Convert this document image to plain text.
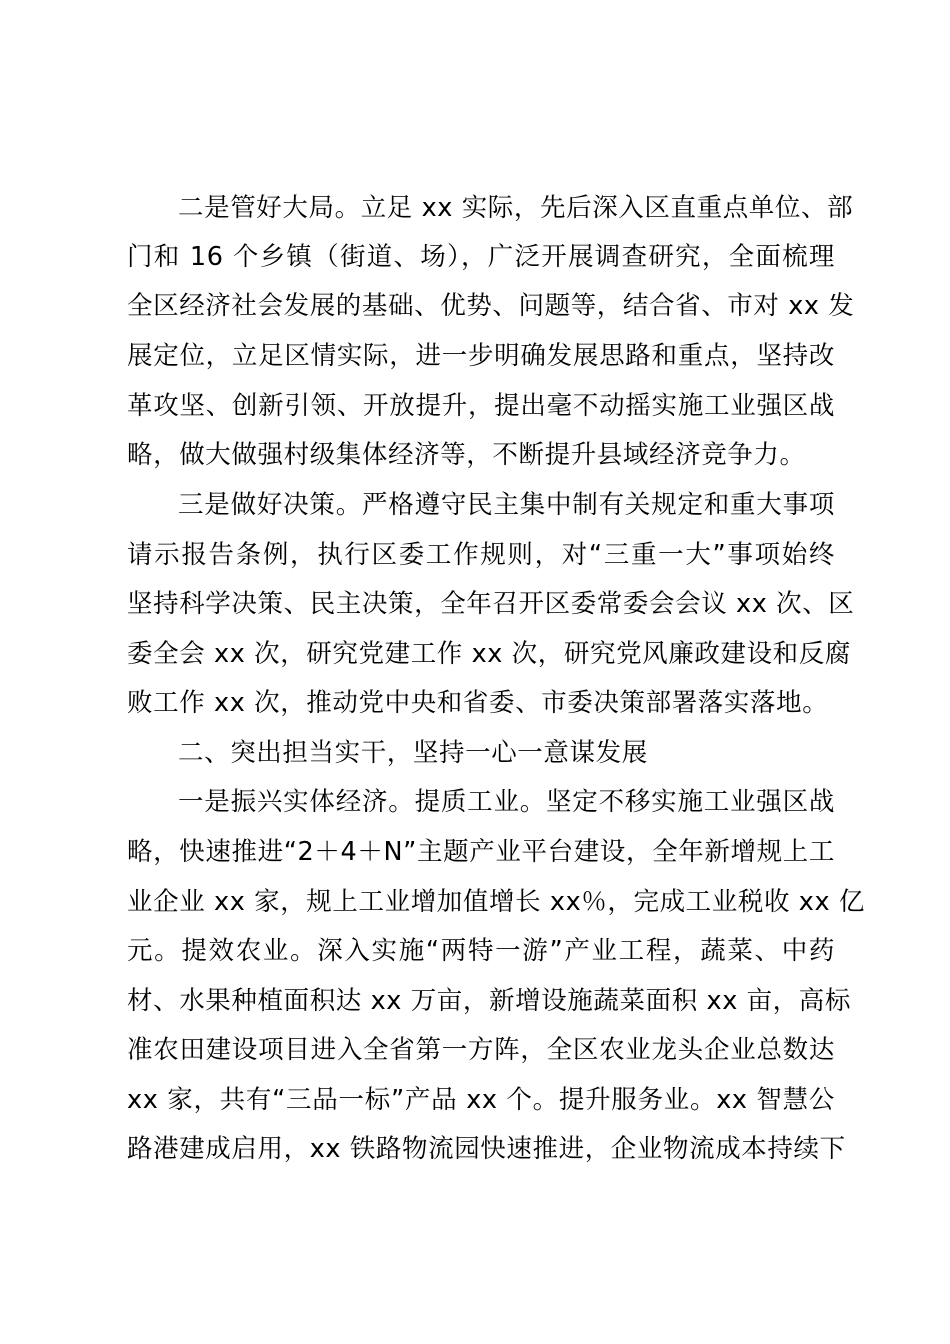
二是管好大局。立足 xx 实际，先后深入区直重点单位、部
门和 16 个乡镇（街道、场），广泛开展调查研究，全面梳理
全区经济社会发展的基础、优势、问题等，结合省、市对 xx 发
展定位，立足区情实际，进一步明确发展思路和重点，坚持改
革攻坚、创新引领、开放提升，提出毫不动摇实施工业强区战
略，做大做强村级集体经济等，不断提升县域经济竞争力。
三是做好决策。严格遵守民主集中制有关规定和重大事项
请示报告条例，执行区委工作规则，对“三重一大”事项始终
坚持科学决策、民主决策，全年召开区委常委会会议 xx 次、区
委全会 xx 次，研究党建工作 xx 次，研究党风廉政建设和反腐
败工作 xx 次，推动党中央和省委、市委决策部署落实落地。
二、突出担当实干，坚持一心一意谋发展
一是振兴实体经济。提质工业。坚定不移实施工业强区战
略，快速推进“2＋4＋N”主题产业平台建设，全年新增规上工
业企业 xx 家，规上工业增加值增长 xx％，完成工业税收 xx 亿
元。提效农业。深入实施“两特一游”产业工程，蔬菜、中药
材、水果种植面积达 xx 万亩，新增设施蔬菜面积 xx 亩，高标
准农田建设项目进入全省第一方阵，全区农业龙头企业总数达
xx 家，共有“三品一标”产品 xx 个。提升服务业。xx 智慧公
路港建成启用，xx 铁路物流园快速推进，企业物流成本持续下
